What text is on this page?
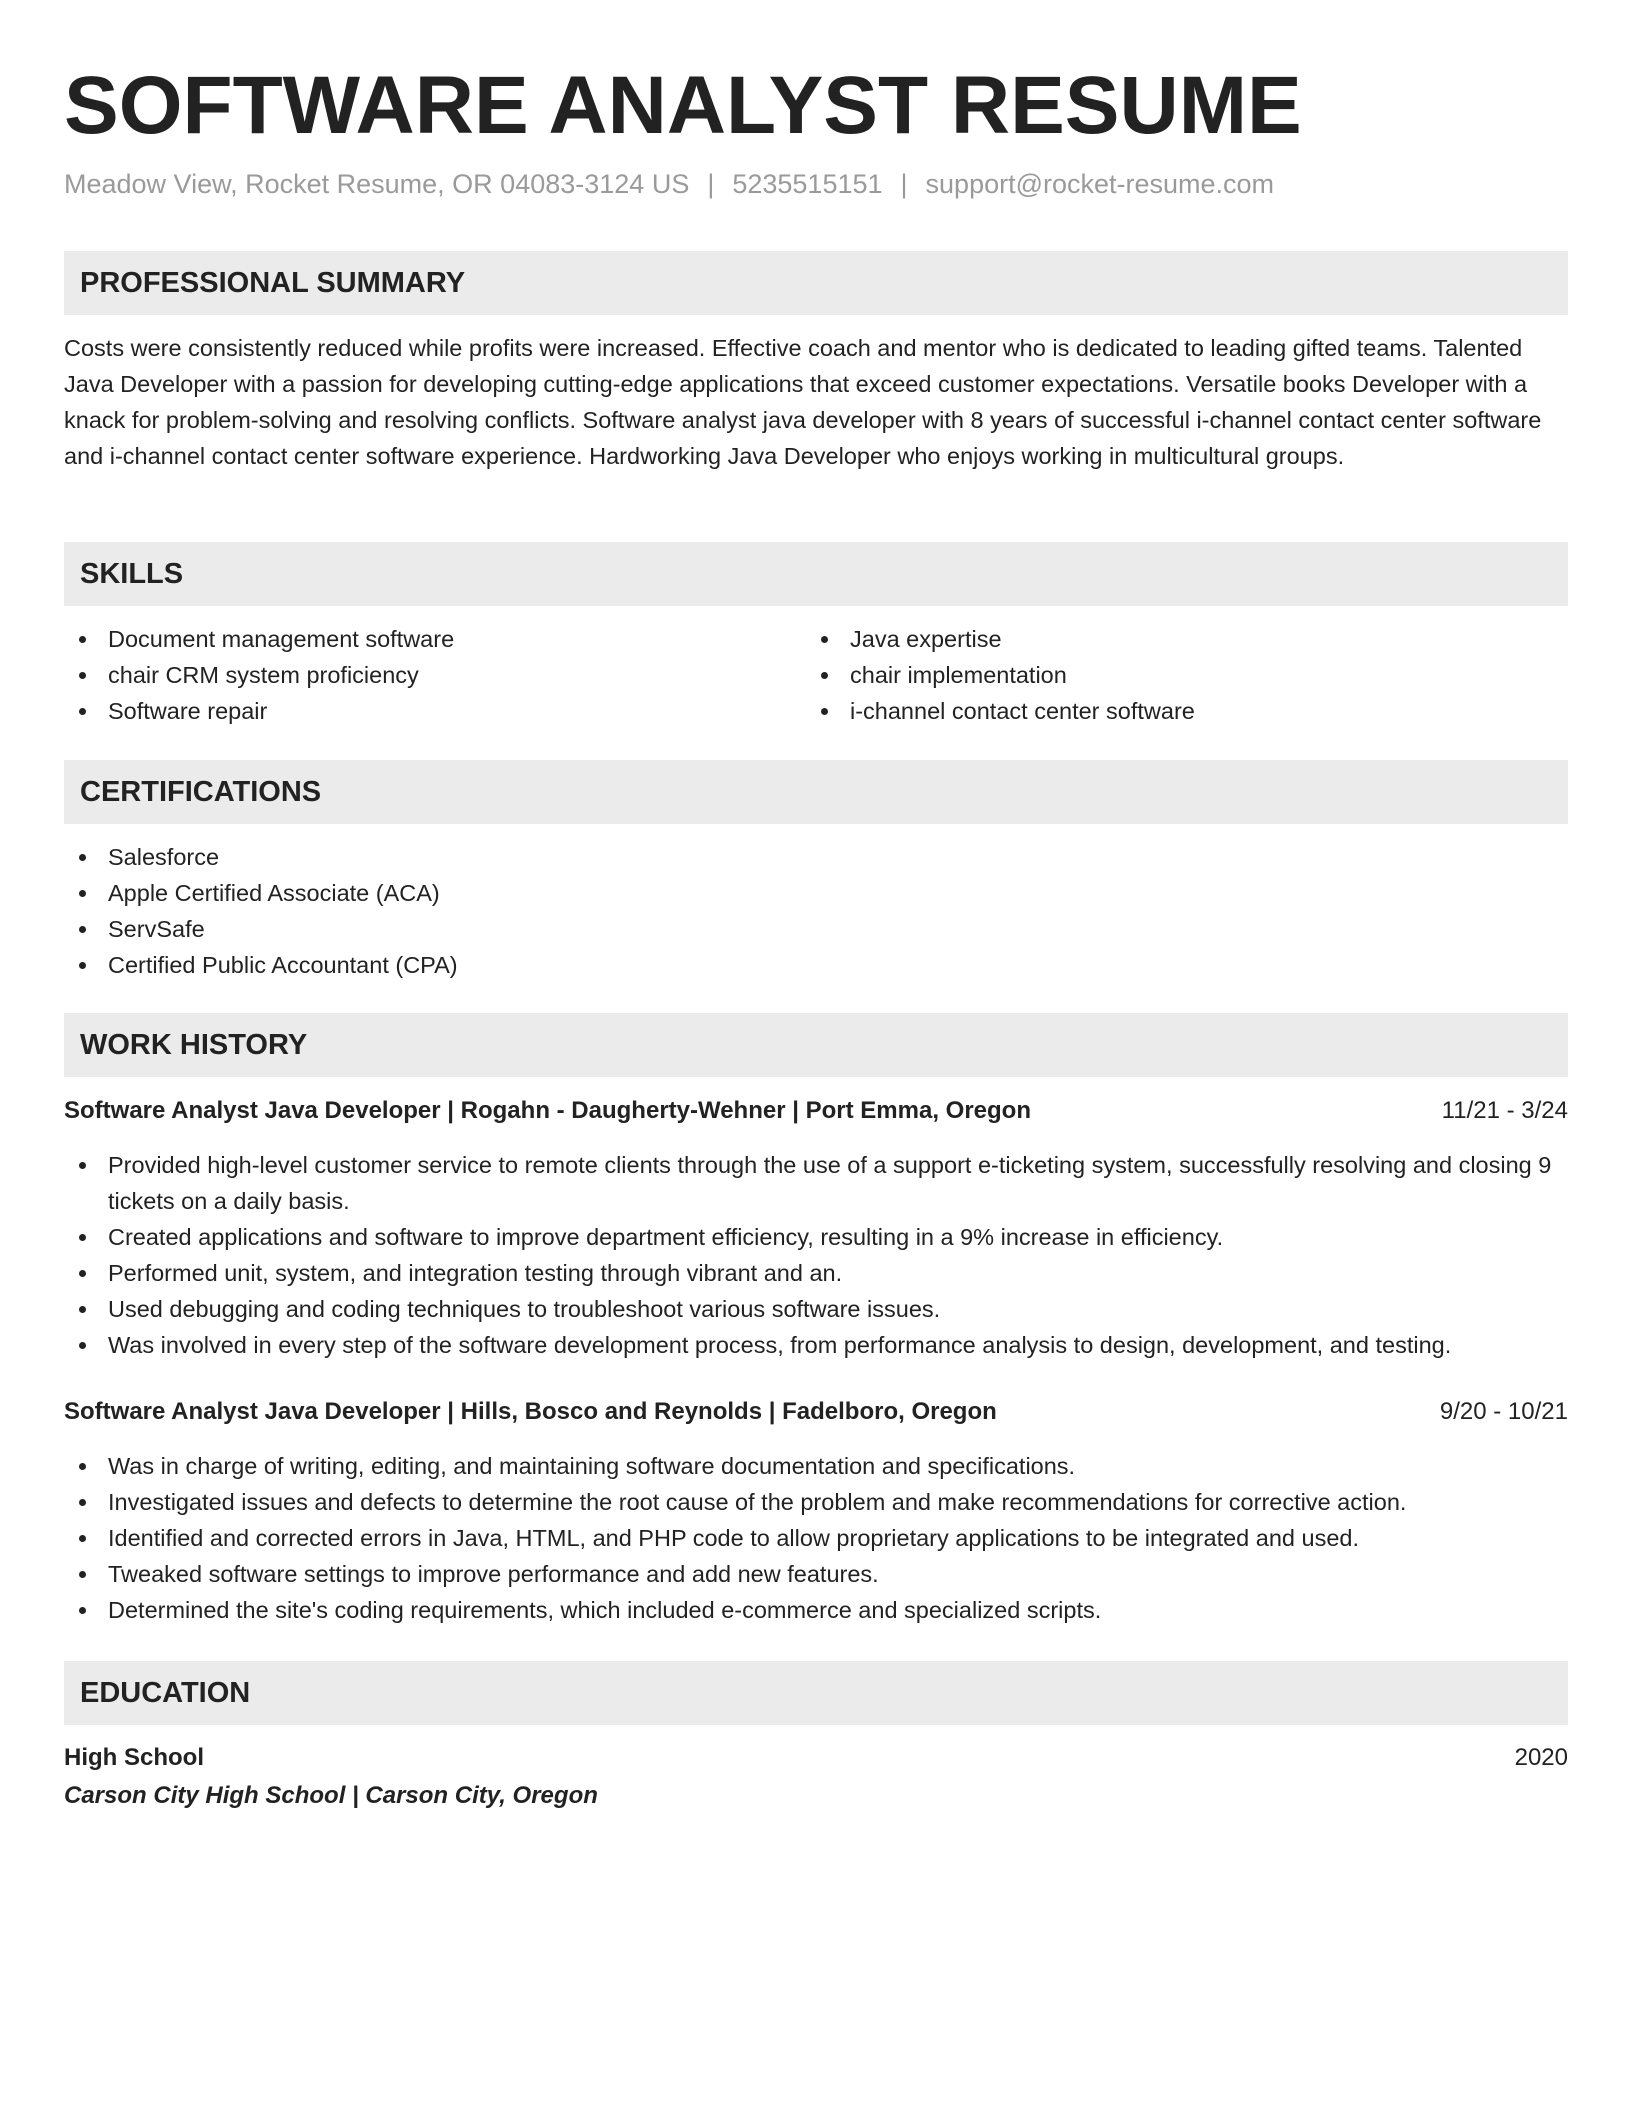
SOFTWARE ANALYST RESUME
Meadow View, Rocket Resume, OR 04083-3124 US | 5235515151 | support@rocket-resume.com
PROFESSIONAL SUMMARY

Costs were consistently reduced while profits were increased. Effective coach and mentor who is dedicated to leading gifted teams. Talented Java Developer with a passion for developing cutting-edge applications that exceed customer expectations. Versatile books Developer with a knack for problem-solving and resolving conflicts. Software analyst java developer with 8 years of successful i-channel contact center software and i-channel contact center software experience. Hardworking Java Developer who enjoys working in multicultural groups.

SKILLS
Document management software
chair CRM system proficiency
Software repair
Java expertise
chair implementation
i-channel contact center software
CERTIFICATIONS
Salesforce
Apple Certified Associate (ACA)
ServSafe
Certified Public Accountant (CPA)
WORK HISTORY
Software Analyst Java Developer | Rogahn - Daugherty-Wehner | Port Emma, Oregon	11/21 - 3/24
Provided high-level customer service to remote clients through the use of a support e-ticketing system, successfully resolving and closing 9 tickets on a daily basis.
Created applications and software to improve department efficiency, resulting in a 9% increase in efficiency.
Performed unit, system, and integration testing through vibrant and an.
Used debugging and coding techniques to troubleshoot various software issues.
Was involved in every step of the software development process, from performance analysis to design, development, and testing.
Software Analyst Java Developer | Hills, Bosco and Reynolds | Fadelboro, Oregon	9/20 - 10/21
Was in charge of writing, editing, and maintaining software documentation and specifications.
Investigated issues and defects to determine the root cause of the problem and make recommendations for corrective action.
Identified and corrected errors in Java, HTML, and PHP code to allow proprietary applications to be integrated and used.
Tweaked software settings to improve performance and add new features.
Determined the site's coding requirements, which included e-commerce and specialized scripts.
EDUCATION
High School	2020
Carson City High School | Carson City, Oregon
